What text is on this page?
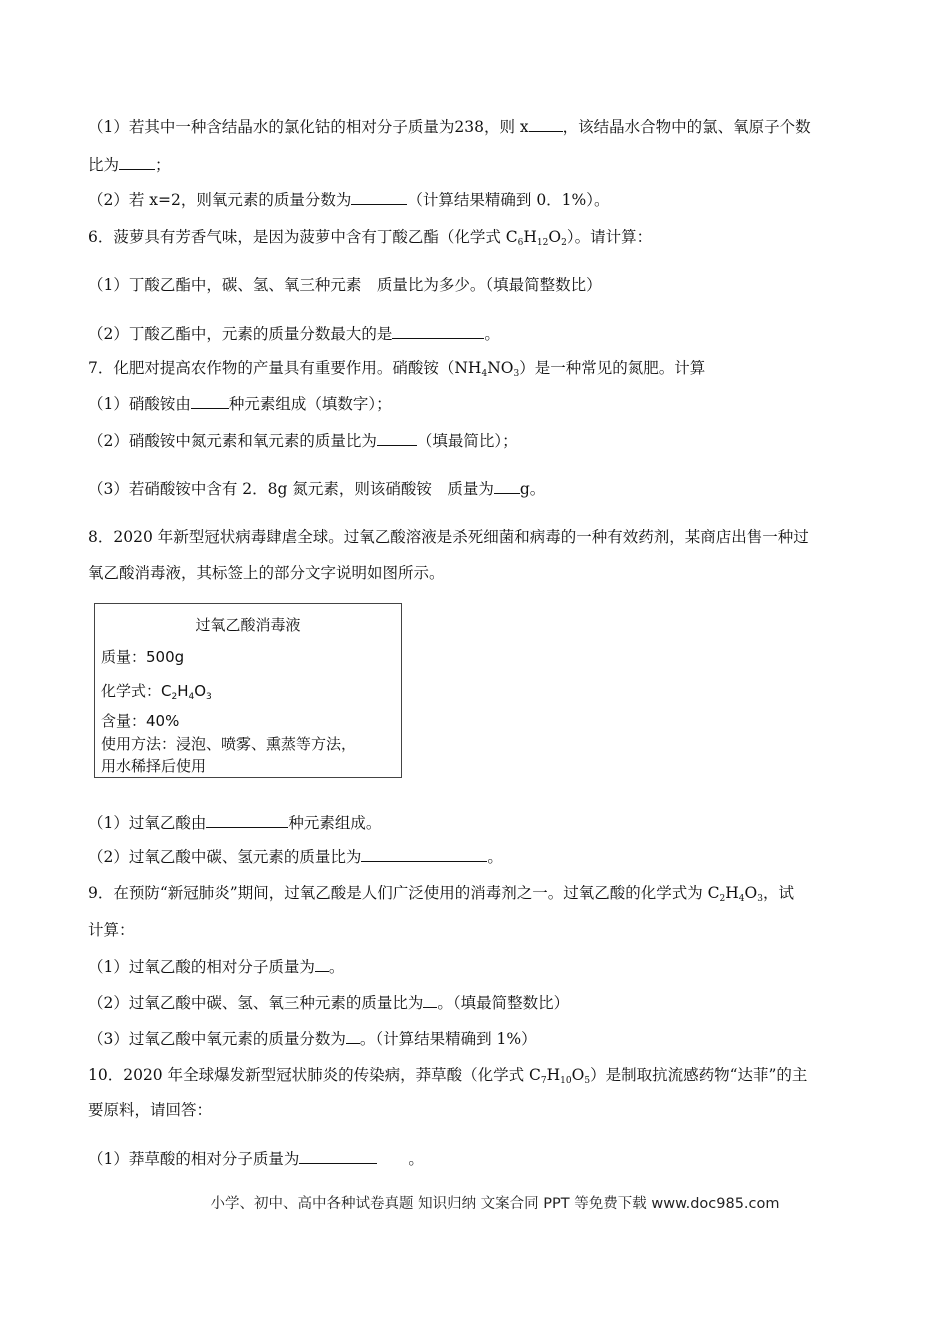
（1）若其中一种含结晶水的氯化钴的相对分子质量为238，则 x ，该结晶水合物中的氯、氧原子个数
比为 ；
（2）若 x=2，则氧元素的质量分数为	（计算结果精确到 0．1%）。
6．菠萝具有芳香气味，是因为菠萝中含有丁酸乙酯（化学式 $C_6H_{12}O_2$）。请计算：
（1）丁酸乙酯中，碳、氢、氧三种元素　质量比为多少。（填最简整数比）
（2）丁酸乙酯中，元素的质量分数最大的是	。
7．化肥对提高农作物的产量具有重要作用。硝酸铵$(NH_4NO_3)$是一种常见的氮肥。计算
（1）硝酸铵由 种元素组成（填数字）；
（2）硝酸铵中氮元素和氧元素的质量比为	（填最简比）；
（3）若硝酸铵中含有 2．8g 氮元素，则该硝酸铵　质量为 g。
8．2020 年新型冠状病毒肆虐全球。过氧乙酸溶液是杀死细菌和病毒的一种有效药剂，某商店出售一种过
氧乙酸消毒液，其标签上的部分文字说明如图所示。
过氧乙酸消毒液
质量：500g
化学式：$C_2H_4O_3$
含量：40%
使用方法：浸泡、喷雾、熏蒸等方法，
用水稀择后使用
（1）过氧乙酸由	种元素组成。
（2）过氧乙酸中碳、氢元素的质量比为	。
9．在预防“新冠肺炎”期间，过氧乙酸是人们广泛使用的消毒剂之一。过氧乙酸的化学式为 $C_2H_4O_3$，试
计算：
（1）过氧乙酸的相对分子质量为 。
（2）过氧乙酸中碳、氢、氧三种元素的质量比为 。（填最简整数比）
（3）过氧乙酸中氧元素的质量分数为 。（计算结果精确到 1%）
10．2020 年全球爆发新型冠状肺炎的传染病，莽草酸（化学式 $C_7H_{10}O_5$）是制取抗流感药物“达菲”的主
要原料，请回答：
（1）莽草酸的相对分子质量为	　　。
小学、初中、高中各种试卷真题 知识归纳 文案合同 PPT 等免费下载 www.doc985.com
